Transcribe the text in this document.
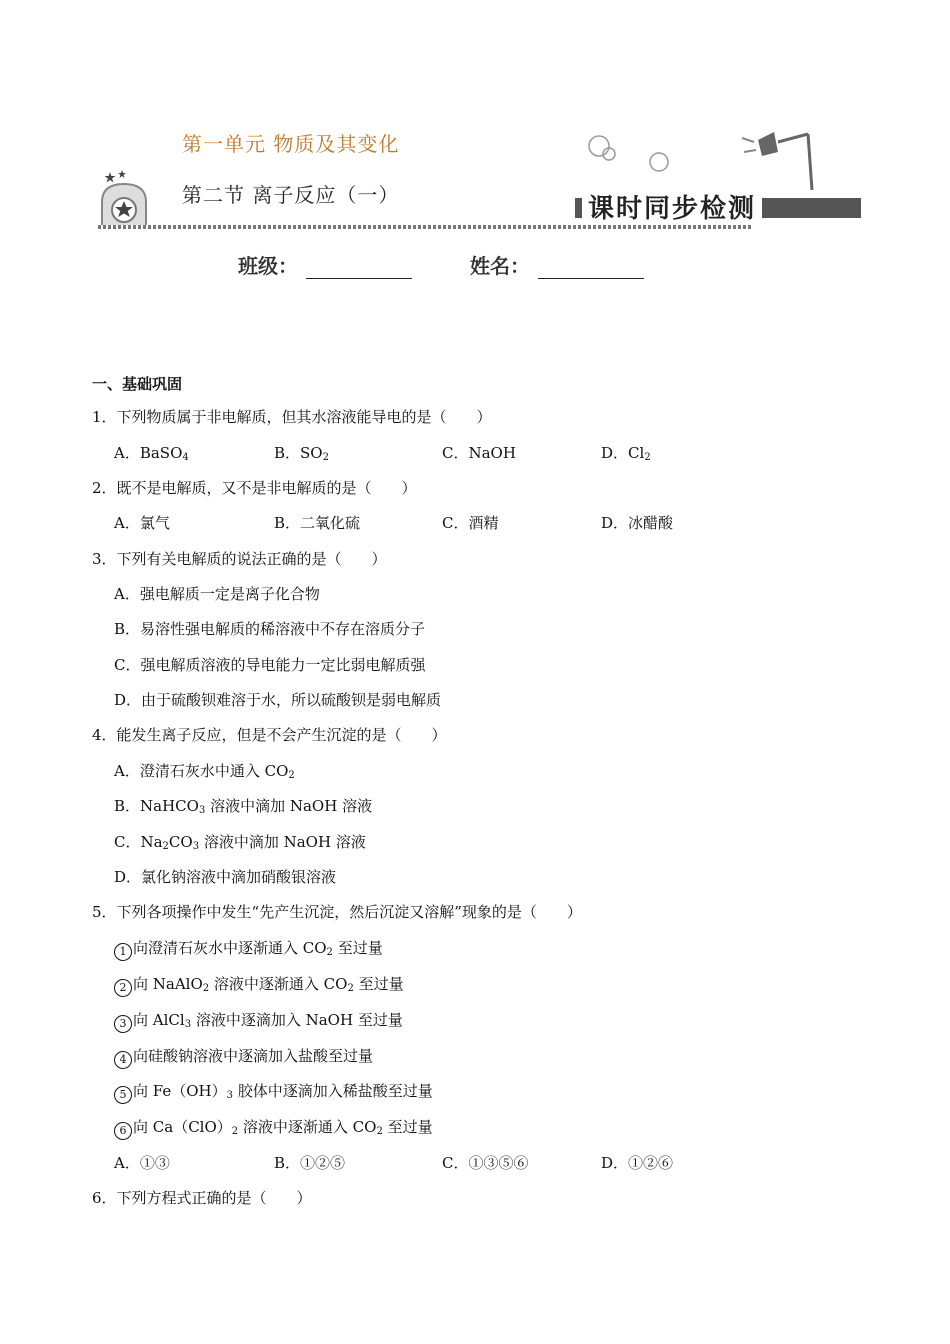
第一单元 物质及其变化
第二节 离子反应（一）	课时同步检测
班级：	姓名：
一、基础巩固
1．下列物质属于非电解质，但其水溶液能导电的是（　　）
A．BaSO$_4$	B．$SO_2$	C．NaOH	D．$Cl_2$
2．既不是电解质，又不是非电解质的是（　　）
A．氯气	B．二氧化硫	C．酒精	D．冰醋酸
3．下列有关电解质的说法正确的是（　　）
A．强电解质一定是离子化合物
B．易溶性强电解质的稀溶液中不存在溶质分子
C．强电解质溶液的导电能力一定比弱电解质强
D．由于硫酸钡难溶于水，所以硫酸钡是弱电解质
4．能发生离子反应，但是不会产生沉淀的是（　　）
A．澄清石灰水中通入 $CO_2$
B．NaHCO$_3$ 溶液中滴加 NaOH 溶液
C．$Na_2CO_3$ 溶液中滴加 NaOH 溶液
D．氯化钠溶液中滴加硝酸银溶液
5．下列各项操作中发生“先产生沉淀，然后沉淀又溶解”现象的是（　　）
1 向澄清石灰水中逐渐通入 $CO_2$ 至过量
2 向 NaAlO$_2$ 溶液中逐渐通入 $CO_2$ 至过量
3 向 AlCl$_3$ 溶液中逐滴加入 NaOH 至过量
4 向硅酸钠溶液中逐滴加入盐酸至过量
5 向 $Fe(OH)_3$ 胶体中逐滴加入稀盐酸至过量
6 向 $Ca(ClO)_2$ 溶液中逐渐通入 $CO_2$ 至过量
A．①③	B．①②⑤	C．①③⑤⑥	D．①②⑥
6．下列方程式正确的是（　　）
